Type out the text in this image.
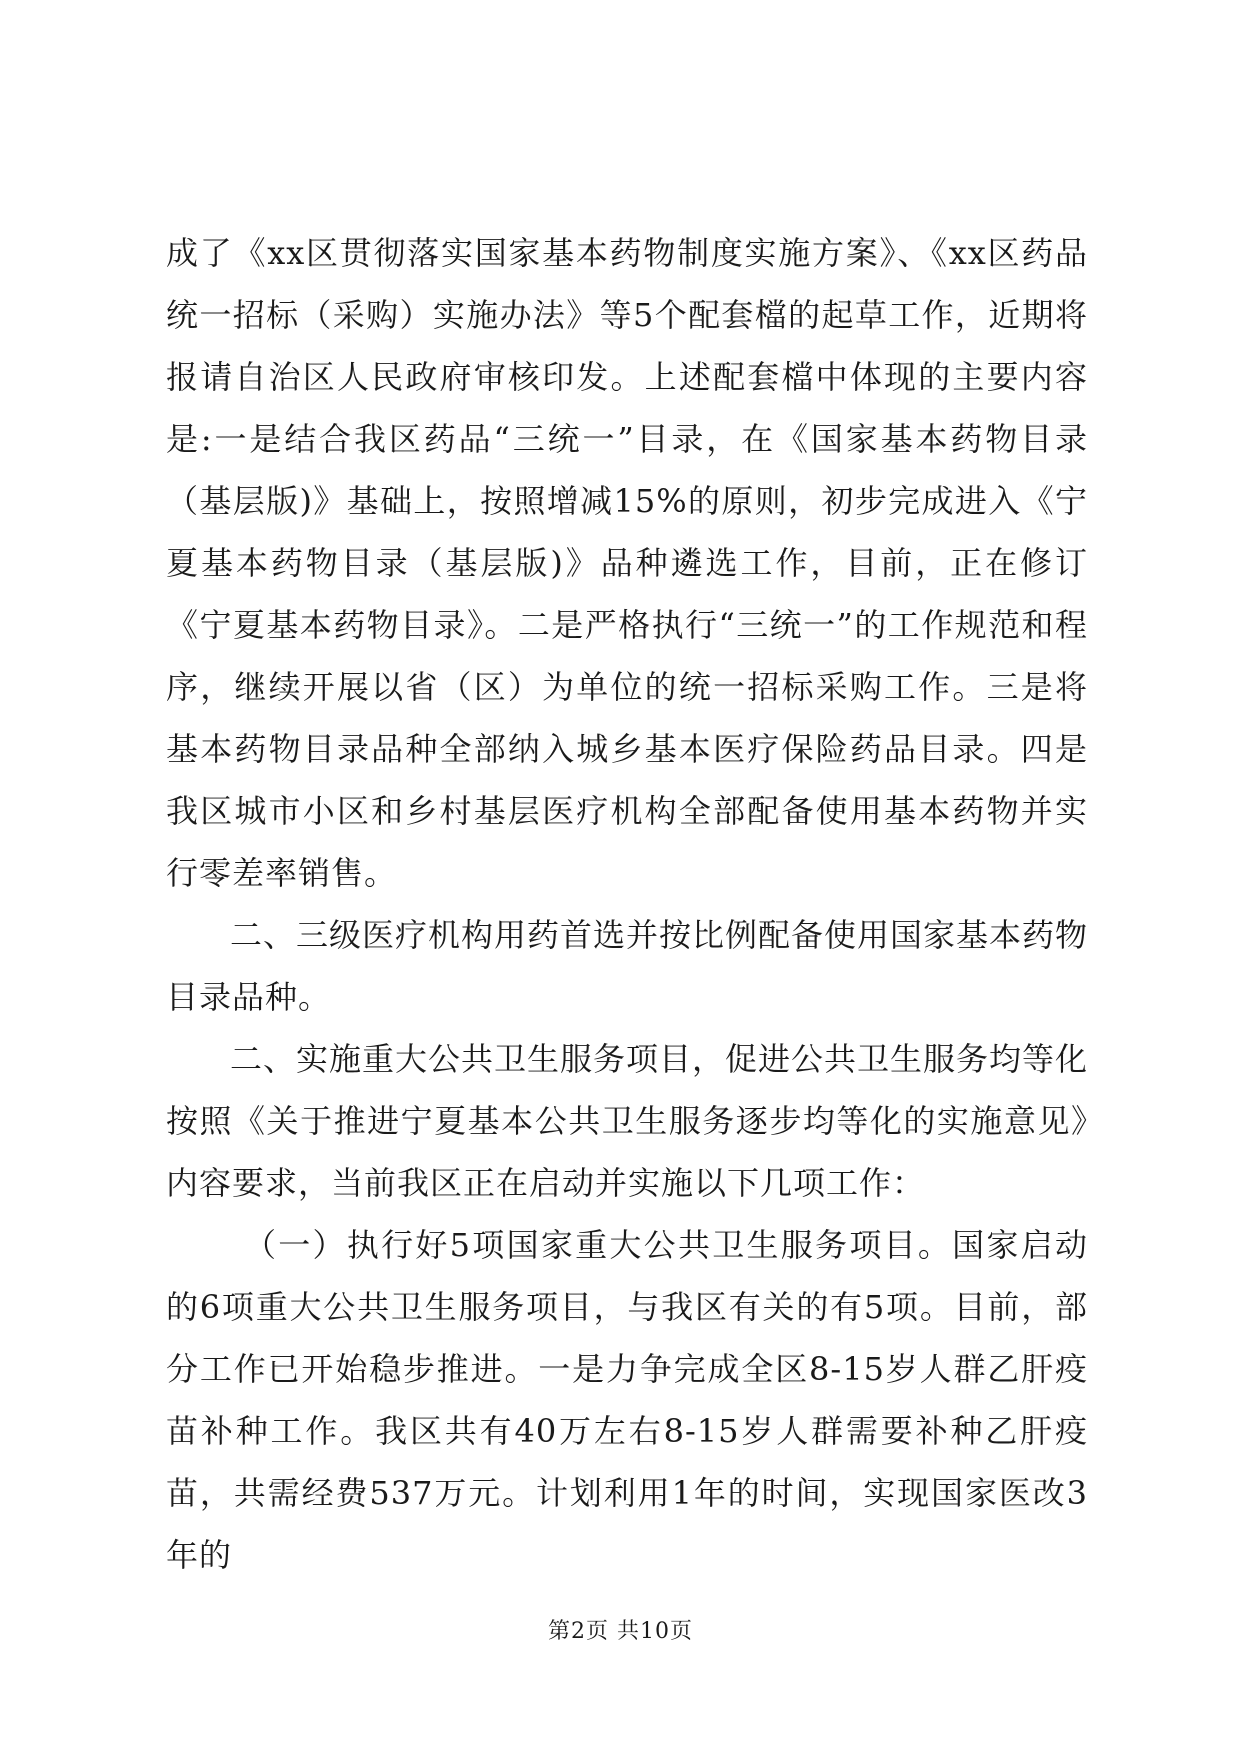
成了《xx区贯彻落实国家基本药物制度实施方案》、《xx区药品统一招标（采购）实施办法》等5个配套檔的起草工作，近期将报请自治区人民政府审核印发。上述配套檔中体现的主要内容是:一是结合我区药品“三统一”目录，在《国家基本药物目录（基层版)》基础上，按照增减15%的原则，初步完成进入《宁夏基本药物目录（基层版)》品种遴选工作，目前，正在修订《宁夏基本药物目录》。二是严格执行“三统一”的工作规范和程序，继续开展以省（区）为单位的统一招标采购工作。三是将基本药物目录品种全部纳入城乡基本医疗保险药品目录。四是我区城市小区和乡村基层医疗机构全部配备使用基本药物并实行零差率销售。

二、三级医疗机构用药首选并按比例配备使用国家基本药物目录品种。

二、实施重大公共卫生服务项目，促进公共卫生服务均等化按照《关于推进宁夏基本公共卫生服务逐步均等化的实施意见》内容要求，当前我区正在启动并实施以下几项工作：

（一）执行好5项国家重大公共卫生服务项目。国家启动的6项重大公共卫生服务项目，与我区有关的有5项。目前，部分工作已开始稳步推进。一是力争完成全区8-15岁人群乙肝疫苗补种工作。我区共有40万左右8-15岁人群需要补种乙肝疫苗，共需经费537万元。计划利用1年的时间，实现国家医改3年的

第2页 共10页
